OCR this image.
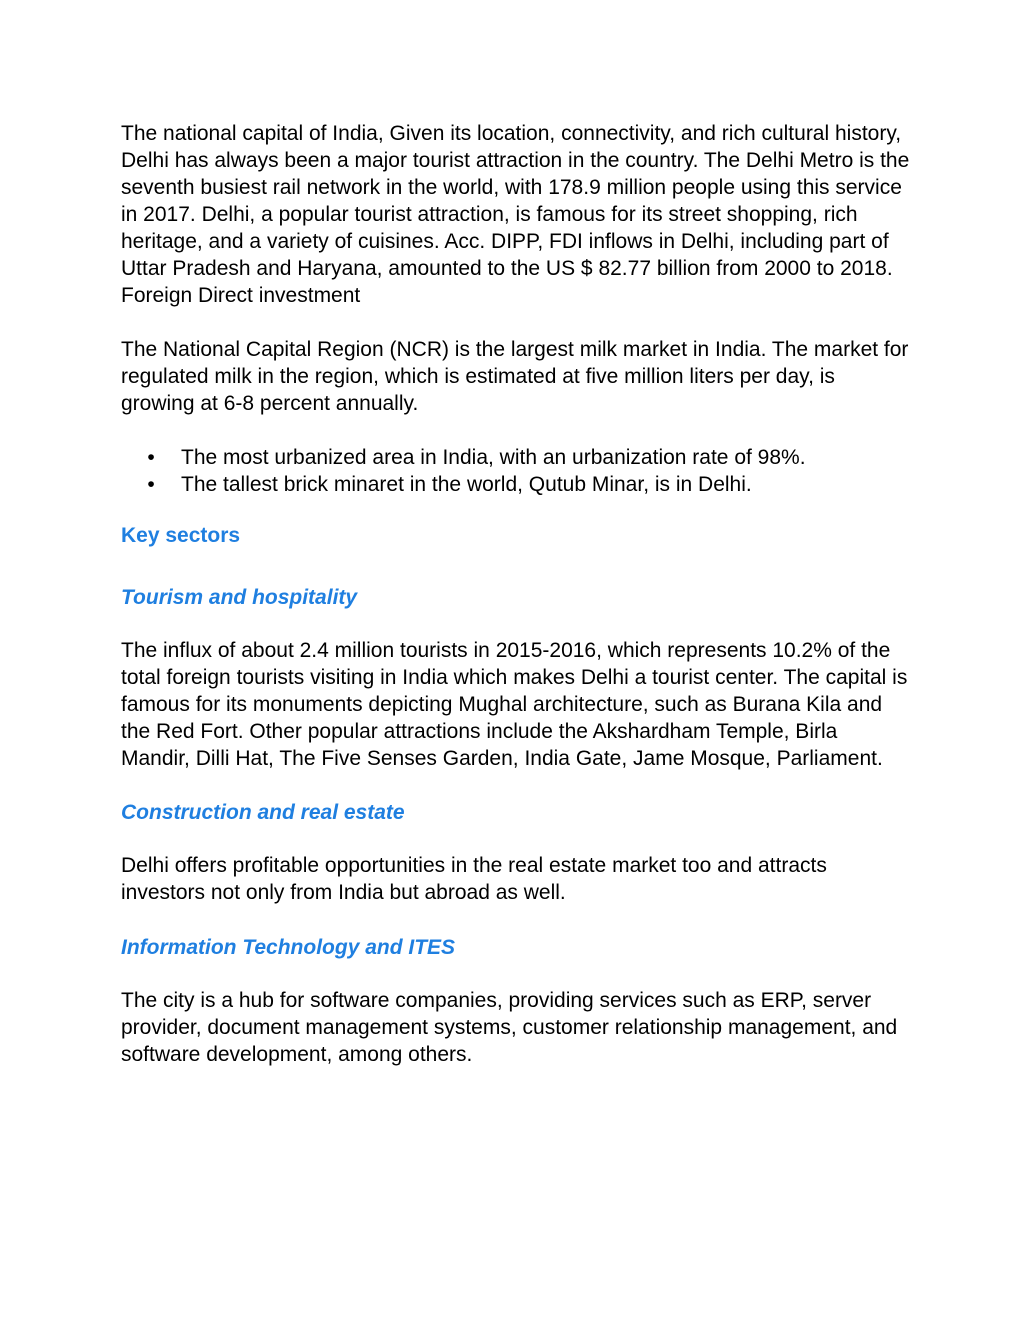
The national capital of India, Given its location, connectivity, and rich cultural history, Delhi has always been a major tourist attraction in the country. The Delhi Metro is the seventh busiest rail network in the world, with 178.9 million people using this service in 2017. Delhi, a popular tourist attraction, is famous for its street shopping, rich heritage, and a variety of cuisines. Acc. DIPP, FDI inflows in Delhi, including part of Uttar Pradesh and Haryana, amounted to the US $ 82.77 billion from 2000 to 2018.
Foreign Direct investment

The National Capital Region (NCR) is the largest milk market in India. The market for regulated milk in the region, which is estimated at five million liters per day, is growing at 6-8 percent annually.

•	The most urbanized area in India, with an urbanization rate of 98%.
•	The tallest brick minaret in the world, Qutub Minar, is in Delhi.
Key sectors
Tourism and hospitality

The influx of about 2.4 million tourists in 2015-2016, which represents 10.2% of the total foreign tourists visiting in India which makes Delhi a tourist center. The capital is famous for its monuments depicting Mughal architecture, such as Burana Kila and the Red Fort. Other popular attractions include the Akshardham Temple, Birla Mandir, Dilli Hat, The Five Senses Garden, India Gate, Jame Mosque, Parliament.

Construction and real estate

Delhi offers profitable opportunities in the real estate market too and attracts investors not only from India but abroad as well.

Information Technology and ITES

The city is a hub for software companies, providing services such as ERP, server provider, document management systems, customer relationship management, and software development, among others.
